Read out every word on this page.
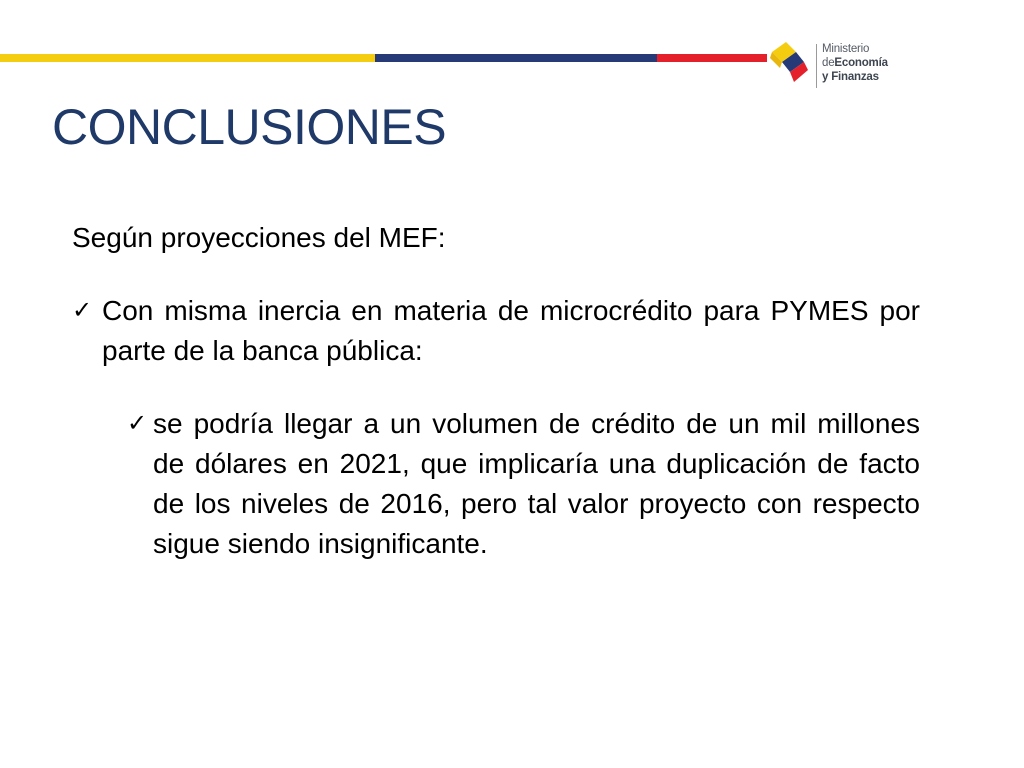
Ministerio
deEconomía
y Finanzas
CONCLUSIONES

Según proyecciones del MEF:

✓ Con misma inercia en materia de microcrédito para PYMES por parte de la banca pública:

✓ se podría llegar a un volumen de crédito de un mil millones de dólares en 2021, que implicaría una duplicación de facto de los niveles de 2016, pero tal valor proyecto con respecto sigue siendo insignificante.
